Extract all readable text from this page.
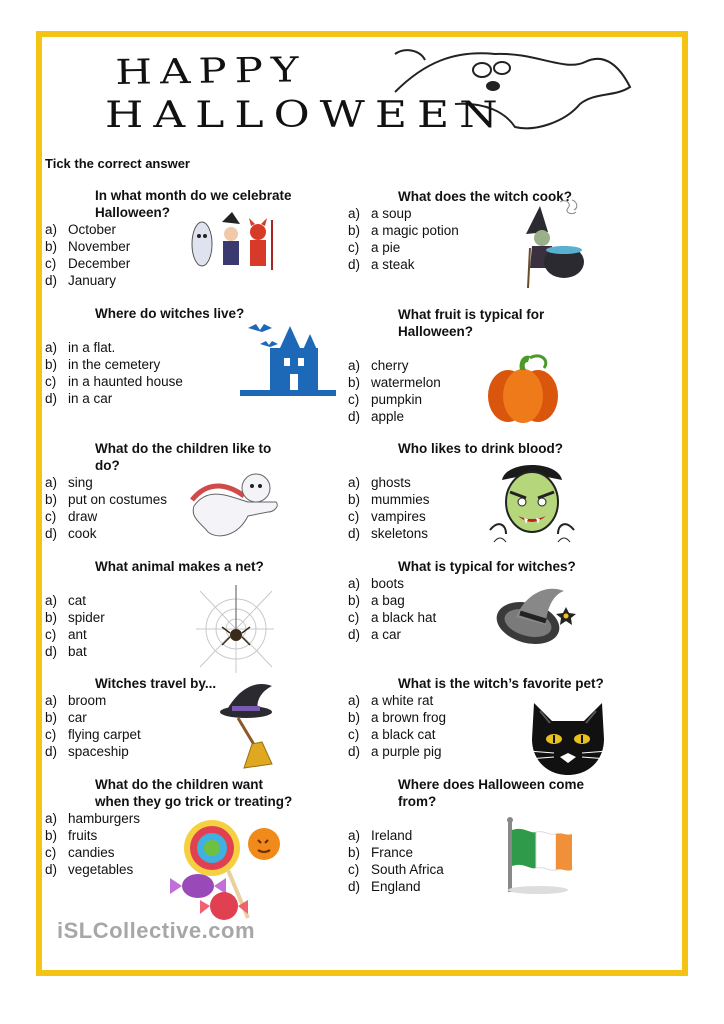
HAPPY
HALLOWEEN
Tick the correct answer
In what month do we celebrate
Halloween?
a) October
b) November
c) December
d) January
Where do witches live?
a) in a flat.
b) in the cemetery
c) in a haunted house
d) in a car
What do the children like to
do?
a) sing
b) put on costumes
c) draw
d) cook
What animal makes a net?
a) cat
b) spider
c) ant
d) bat
Witches travel by...
a) broom
b) car
c) flying carpet
d) spaceship
What do the children want
when they go trick or treating?
a) hamburgers
b) fruits
c) candies
d) vegetables
What does the witch cook?
a) a soup
b) a magic potion
c) a pie
d) a steak
What fruit is typical for
Halloween?
a) cherry
b) watermelon
c) pumpkin
d) apple
Who likes to drink blood?
a) ghosts
b) mummies
c) vampires
d) skeletons
What is typical for witches?
a) boots
b) a bag
c) a black hat
d) a car
What is the witch’s favorite pet?
a) a white rat
b) a brown frog
c) a black cat
d) a purple pig
Where does Halloween come
from?
a) Ireland
b) France
c) South Africa
d) England
iSLCollective.com
